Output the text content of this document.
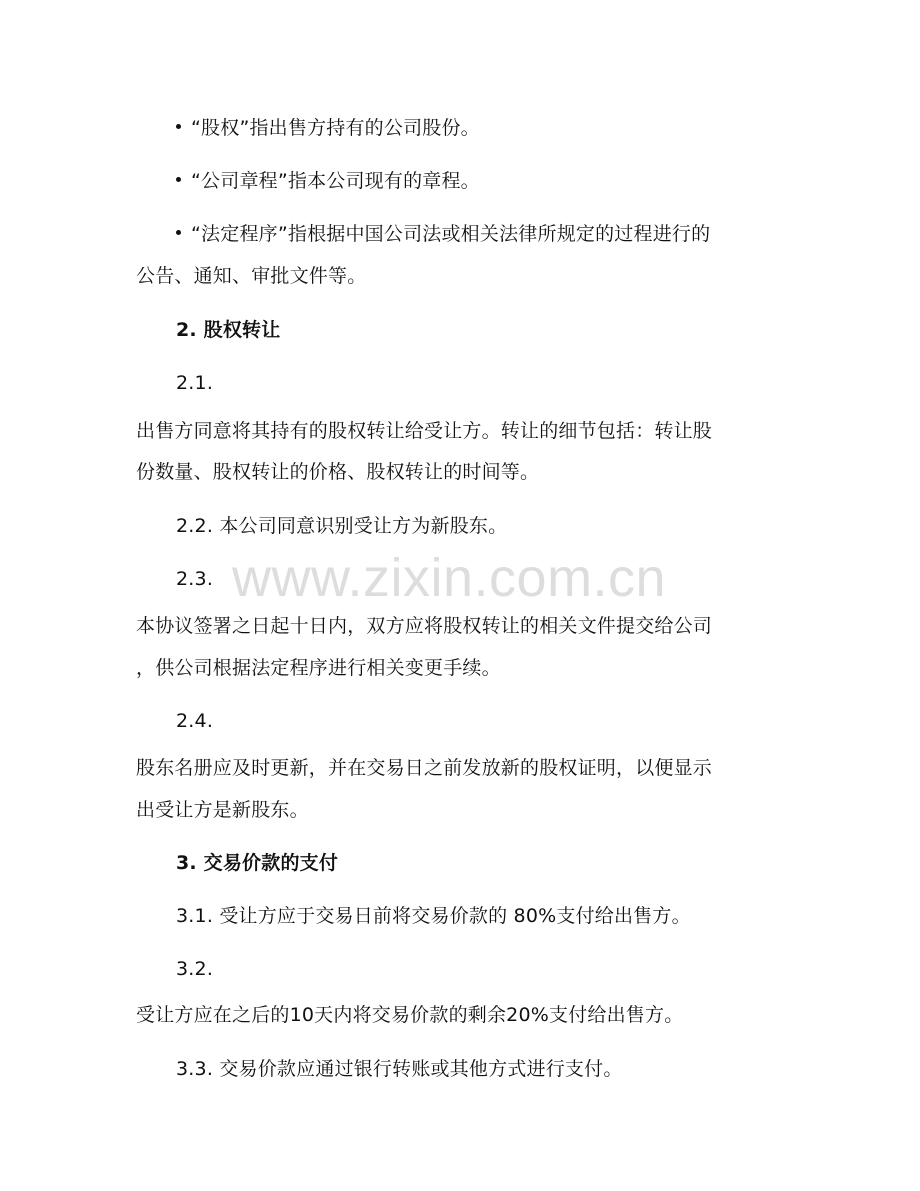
“股权”指出售方持有的公司股份。
“公司章程”指本公司现有的章程。
“法定程序”指根据中国公司法或相关法律所规定的过程进行的
公告、通知、审批文件等。
2. 股权转让
2.1.
出售方同意将其持有的股权转让给受让方。转让的细节包括：转让股
份数量、股权转让的价格、股权转让的时间等。
2.2. 本公司同意识别受让方为新股东。
2.3.
本协议签署之日起十日内，双方应将股权转让的相关文件提交给公司
，供公司根据法定程序进行相关变更手续。
2.4.
股东名册应及时更新，并在交易日之前发放新的股权证明，以便显示
出受让方是新股东。
3. 交易价款的支付
3.1. 受让方应于交易日前将交易价款的 80%支付给出售方。
3.2.
受让方应在之后的10天内将交易价款的剩余20%支付给出售方。
3.3. 交易价款应通过银行转账或其他方式进行支付。
www.zixin.com.cn
